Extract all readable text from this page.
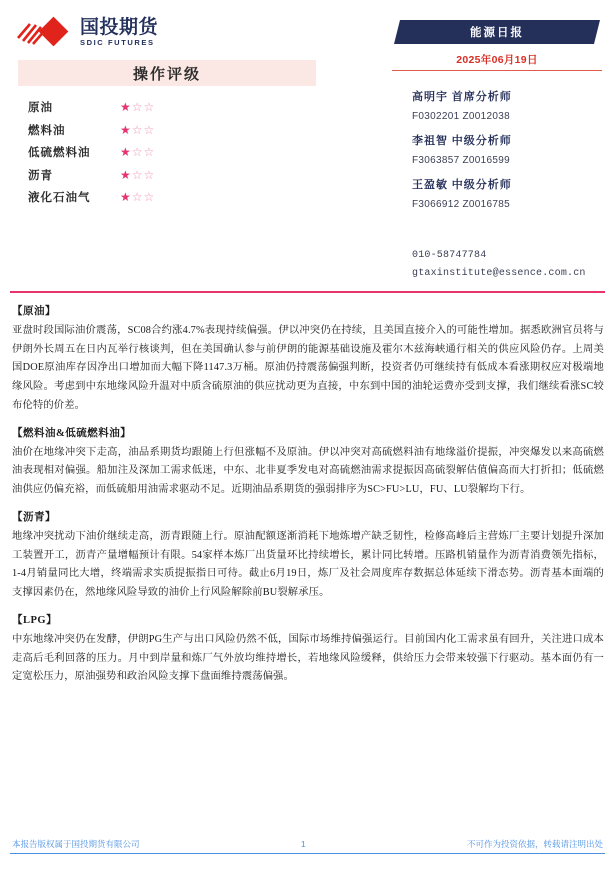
国投期货
SDIC FUTURES
操作评级
原油	★ ☆ ☆
燃料油	★ ☆ ☆
低硫燃料油	★ ☆ ☆
沥青	★ ☆ ☆
液化石油气	★ ☆ ☆
能源日报
2025年06月19日
高明宇 首席分析师
F0302201 Z0012038
李祖智 中级分析师
F3063857 Z0016599
王盈敏 中级分析师
F3066912 Z0016785
010-58747784
gtaxinstitute@essence.com.cn
【原油】
亚盘时段国际油价震荡，SC08合约涨4.7%表现持续偏强。伊以冲突仍在持续，且美国直接介入的可能性增加。据悉欧洲官员将与伊朗外长周五在日内瓦举行核谈判，但在美国确认参与前伊朗的能源基础设施及霍尔木兹海峡通行相关的供应风险仍存。上周美国DOE原油库存因净出口增加而大幅下降1147.3万桶。原油仍持震荡偏强判断，投资者仍可继续持有低成本看涨期权应对极端地缘风险。考虑到中东地缘风险升温对中质含硫原油的供应扰动更为直接，中东到中国的油轮运费亦受到支撑，我们继续看涨SC较布伦特的价差。
【燃料油&低硫燃料油】
油价在地缘冲突下走高，油品系期货均跟随上行但涨幅不及原油。伊以冲突对高硫燃料油有地缘溢价提振，冲突爆发以来高硫燃油表现相对偏强。船加注及深加工需求低迷，中东、北非夏季发电对高硫燃油需求提振因高硫裂解估值偏高而大打折扣；低硫燃油供应仍偏充裕，而低硫船用油需求驱动不足。近期油品系期货的强弱排序为SC>FU>LU，FU、LU裂解均下行。
【沥青】
地缘冲突扰动下油价继续走高，沥青跟随上行。原油配额逐渐消耗下地炼增产缺乏韧性，检修高峰后主营炼厂主要计划提升深加工装置开工，沥青产量增幅预计有限。54家样本炼厂出货量环比持续增长，累计同比转增。压路机销量作为沥青消费领先指标，1-4月销量同比大增，终端需求实质提振指日可待。截止6月19日，炼厂及社会周度库存数据总体延续下滑态势。沥青基本面端的支撑因素仍在，然地缘风险导致的油价上行风险解除前BU裂解承压。
【LPG】
中东地缘冲突仍在发酵，伊朗PG生产与出口风险仍然不低，国际市场维持偏强运行。目前国内化工需求虽有回升，关注进口成本走高后毛利回落的压力。月中到岸量和炼厂气外放均维持增长，若地缘风险缓释，供给压力会带来较强下行驱动。基本面仍有一定宽松压力，原油强势和政治风险支撑下盘面维持震荡偏强。
本报告版权属于国投期货有限公司	1	不可作为投资依据，转载请注明出处
